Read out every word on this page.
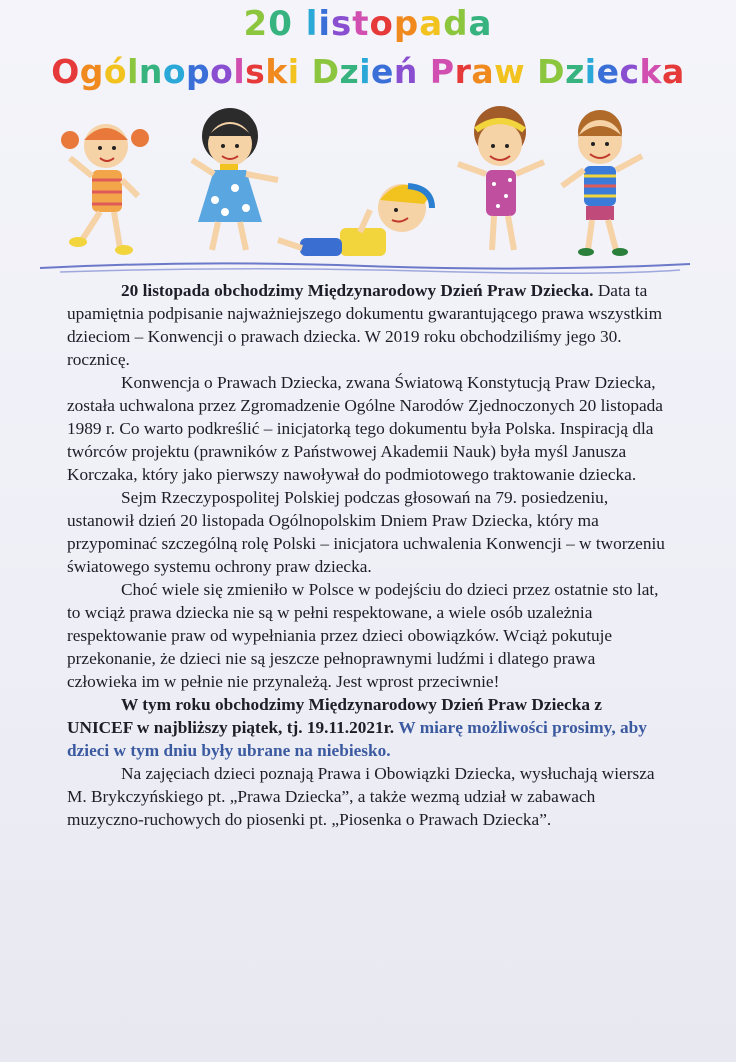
20 listopada
Ogólnopolski Dzień Praw Dziecka

20 listopada obchodzimy Międzynarodowy Dzień Praw Dziecka. Data ta upamiętnia podpisanie najważniejszego dokumentu gwarantującego prawa wszystkim dzieciom – Konwencji o prawach dziecka. W 2019 roku obchodziliśmy jego 30. rocznicę.

Konwencja o Prawach Dziecka, zwana Światową Konstytucją Praw Dziecka, została uchwalona przez Zgromadzenie Ogólne Narodów Zjednoczonych 20 listopada 1989 r. Co warto podkreślić – inicjatorką tego dokumentu była Polska. Inspiracją dla twórców projektu (prawników z Państwowej Akademii Nauk) była myśl Janusza Korczaka, który jako pierwszy nawoływał do podmiotowego traktowanie dziecka.

Sejm Rzeczypospolitej Polskiej podczas głosowań na 79. posiedzeniu, ustanowił dzień 20 listopada Ogólnopolskim Dniem Praw Dziecka, który ma przypominać szczególną rolę Polski – inicjatora uchwalenia Konwencji – w tworzeniu światowego systemu ochrony praw dziecka.

Choć wiele się zmieniło w Polsce w podejściu do dzieci przez ostatnie sto lat, to wciąż prawa dziecka nie są w pełni respektowane, a wiele osób uzależnia respektowanie praw od wypełniania przez dzieci obowiązków. Wciąż pokutuje przekonanie, że dzieci nie są jeszcze pełnoprawnymi ludźmi i dlatego prawa człowieka im w pełnie nie przynależą. Jest wprost przeciwnie!

W tym roku obchodzimy Międzynarodowy Dzień Praw Dziecka z UNICEF w najbliższy piątek, tj. 19.11.2021r. W miarę możliwości prosimy, aby dzieci w tym dniu były ubrane na niebiesko.

Na zajęciach dzieci poznają Prawa i Obowiązki Dziecka, wysłuchają wiersza M. Brykczyńskiego pt. „Prawa Dziecka”, a także wezmą udział w zabawach muzyczno-ruchowych do piosenki pt. „Piosenka o Prawach Dziecka”.
